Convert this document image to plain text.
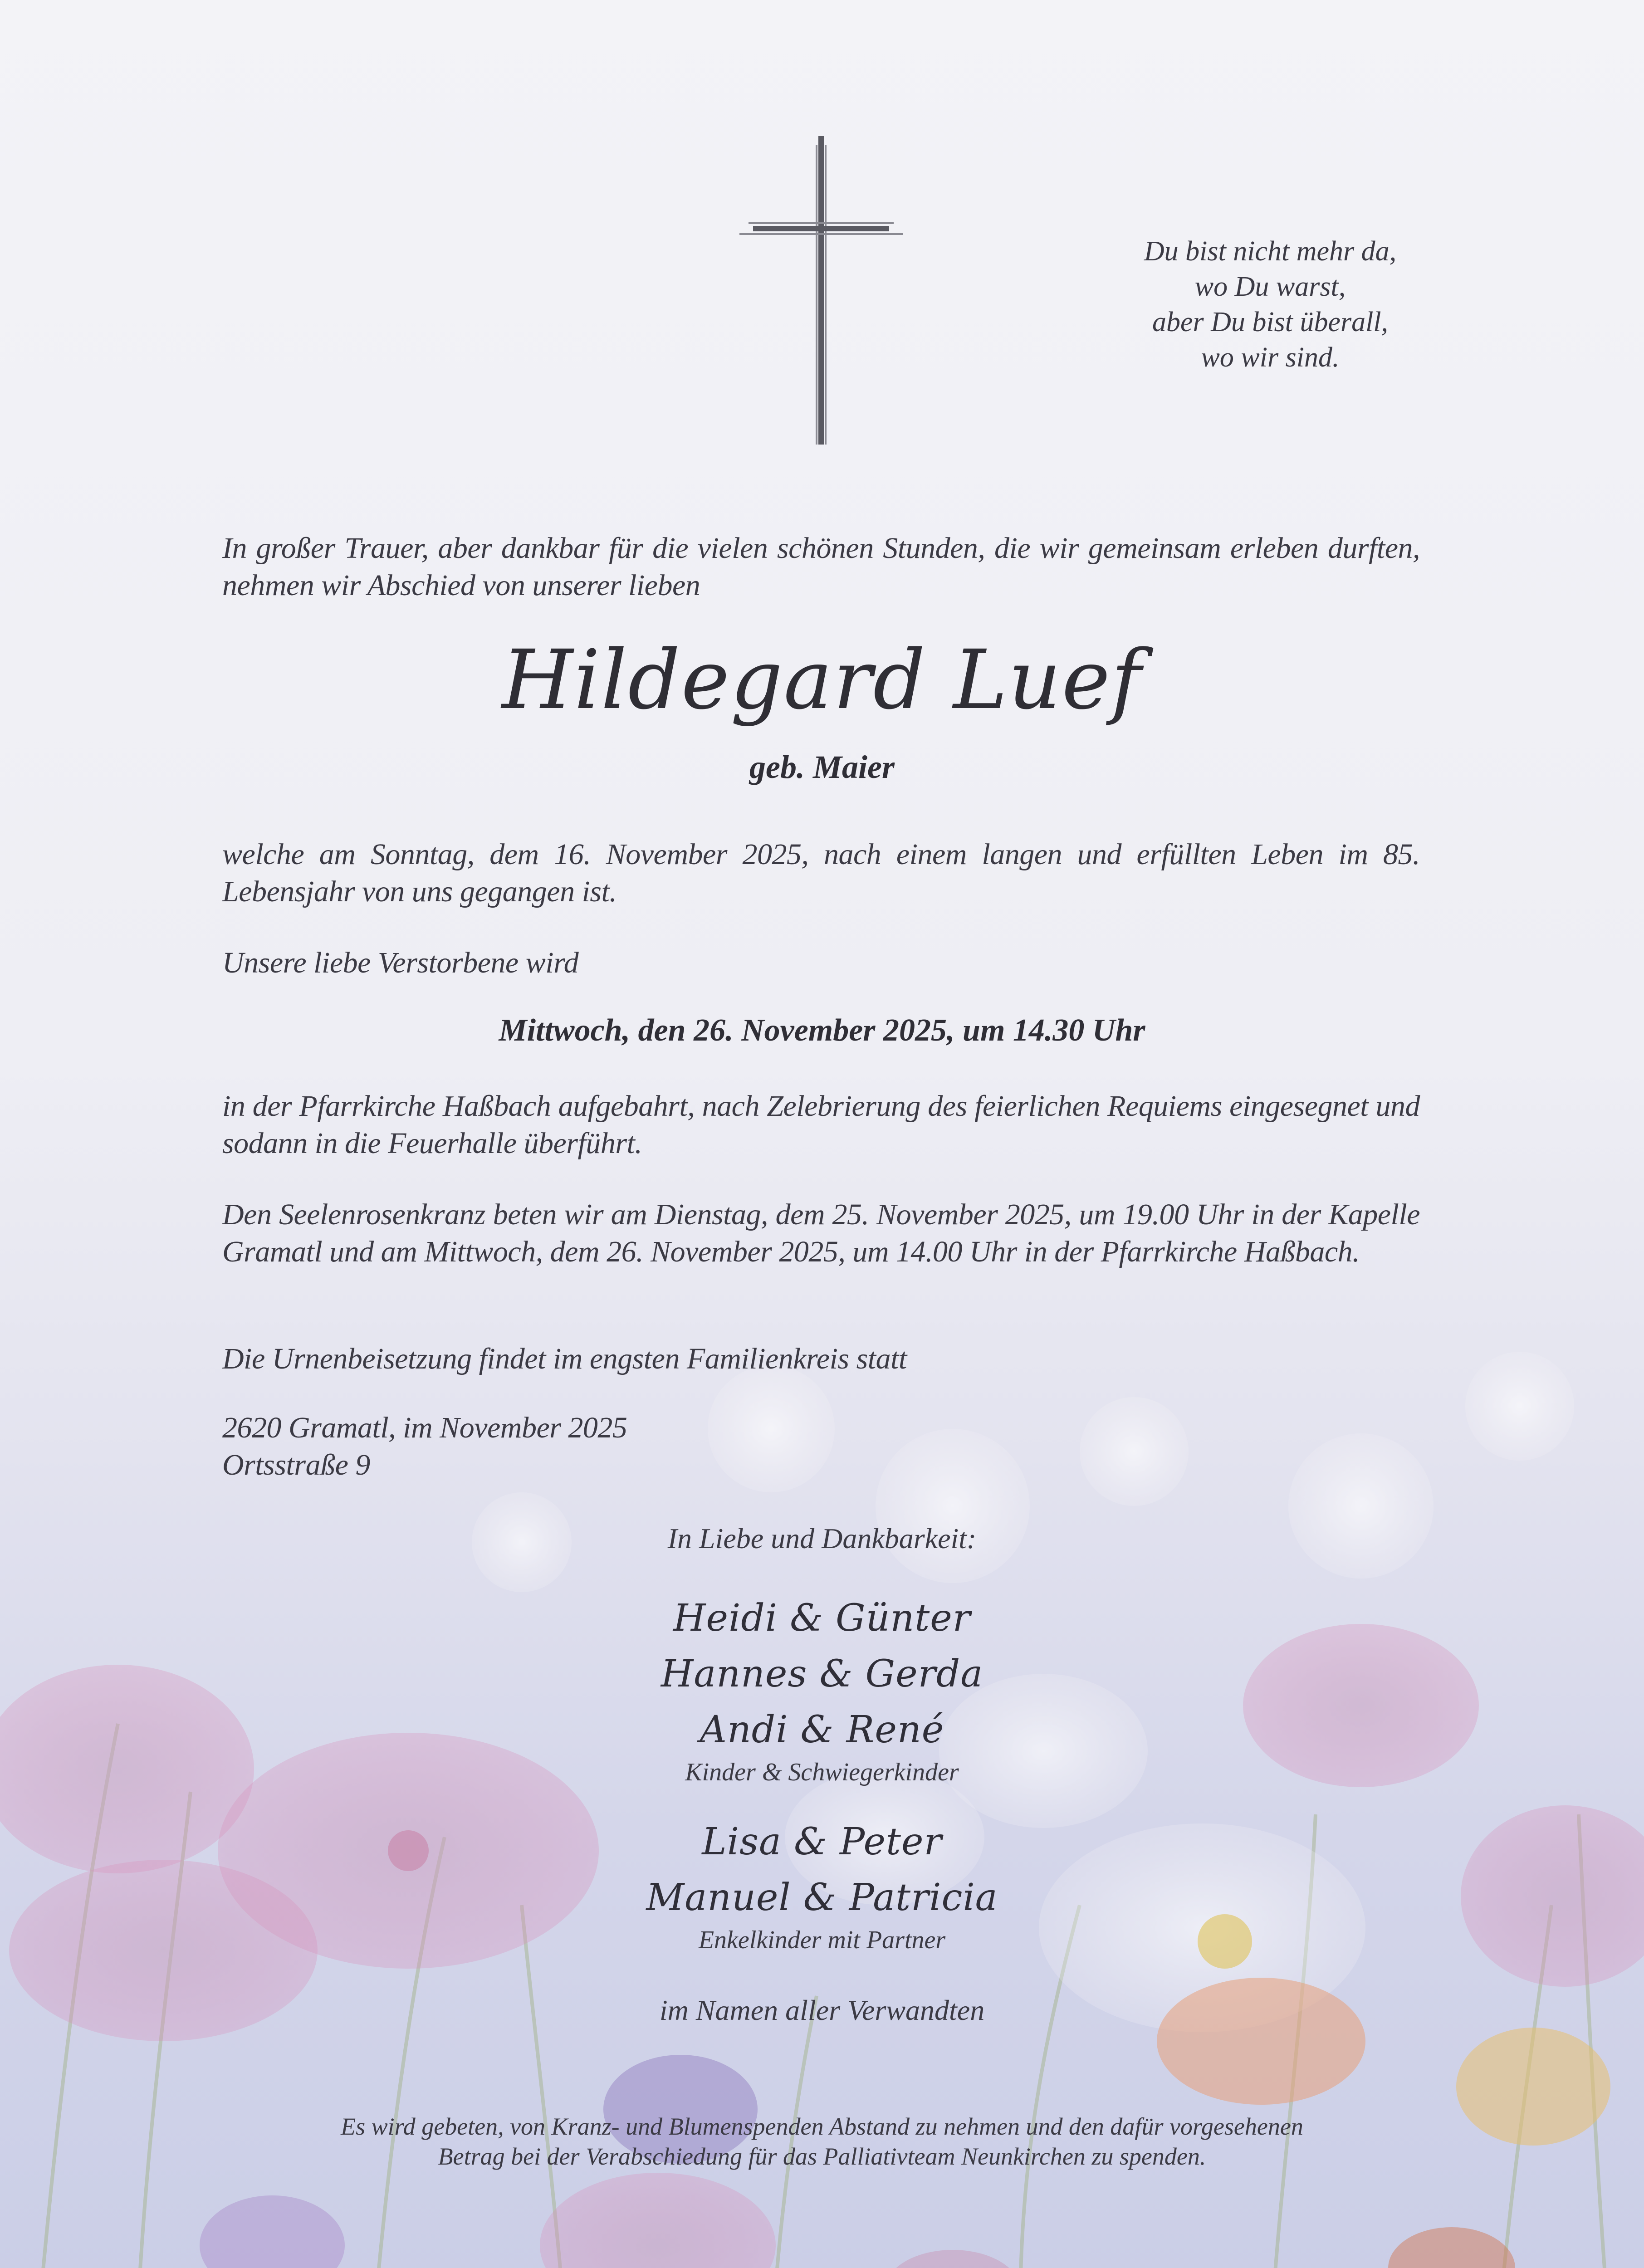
Du bist nicht mehr da,
wo Du warst,
aber Du bist überall,
wo wir sind.
In großer Trauer, aber dankbar für die vielen schönen Stunden, die wir gemeinsam erleben durften, nehmen wir Abschied von unserer lieben
Hildegard Luef
geb. Maier
welche am Sonntag, dem 16. November 2025, nach einem langen und erfüllten Leben im 85. Lebensjahr von uns gegangen ist.
Unsere liebe Verstorbene wird
Mittwoch, den 26. November 2025, um 14.30 Uhr
in der Pfarrkirche Haßbach aufgebahrt, nach Zelebrierung des feierlichen Requiems eingesegnet und sodann in die Feuerhalle überführt.
Den Seelenrosenkranz beten wir am Dienstag, dem 25. November 2025, um 19.00 Uhr in der Kapelle Gramatl und am Mittwoch, dem 26. November 2025, um 14.00 Uhr in der Pfarrkirche Haßbach.
Die Urnenbeisetzung findet im engsten Familienkreis statt
2620 Gramatl, im November 2025
Ortsstraße 9
In Liebe und Dankbarkeit:
Heidi & Günter
Hannes & Gerda
Andi & René
Kinder & Schwiegerkinder
Lisa & Peter
Manuel & Patricia
Enkelkinder mit Partner
im Namen aller Verwandten
Es wird gebeten, von Kranz- und Blumenspenden Abstand zu nehmen und den dafür vorgesehenen
Betrag bei der Verabschiedung für das Palliativteam Neunkirchen zu spenden.
